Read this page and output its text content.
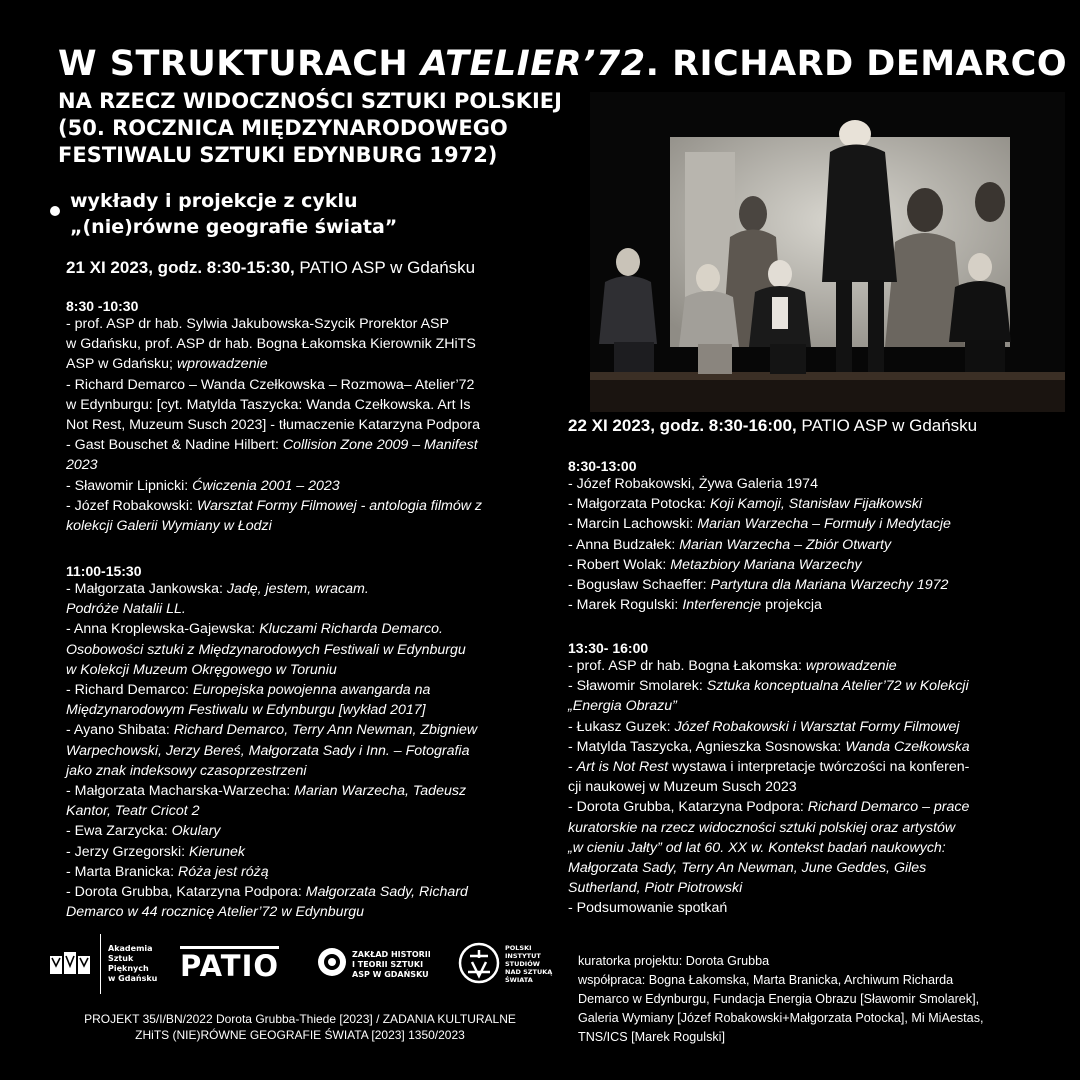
W STRUKTURACH ATELIER’72. RICHARD DEMARCO
NA RZECZ WIDOCZNOŚCI SZTUKI POLSKIEJ
(50. ROCZNICA MIĘDZYNARODOWEGO
FESTIWALU SZTUKI EDYNBURG 1972)
wykłady i projekcje z cyklu
„(nie)równe geografie świata”
21 XI 2023, godz. 8:30-15:30, PATIO ASP w Gdańsku
8:30 -10:30
- prof. ASP dr hab. Sylwia Jakubowska-Szycik Prorektor ASP
w Gdańsku, prof. ASP dr hab. Bogna Łakomska Kierownik ZHiTS
ASP w Gdańsku; wprowadzenie
- Richard Demarco – Wanda Czełkowska – Rozmowa– Atelier’72
w Edynburgu: [cyt. Matylda Taszycka: Wanda Czełkowska. Art Is
Not Rest, Muzeum Susch 2023] - tłumaczenie Katarzyna Podpora
- Gast Bouschet & Nadine Hilbert: Collision Zone 2009 – Manifest
2023
- Sławomir Lipnicki: Ćwiczenia 2001 – 2023
- Józef Robakowski: Warsztat Formy Filmowej - antologia filmów z
kolekcji Galerii Wymiany w Łodzi
11:00-15:30
- Małgorzata Jankowska: Jadę, jestem, wracam.
Podróże Natalii LL.
- Anna Kroplewska-Gajewska: Kluczami Richarda Demarco.
Osobowości sztuki z Międzynarodowych Festiwali w Edynburgu
w Kolekcji Muzeum Okręgowego w Toruniu
- Richard Demarco: Europejska powojenna awangarda na
Międzynarodowym Festiwalu w Edynburgu [wykład 2017]
- Ayano Shibata: Richard Demarco, Terry Ann Newman, Zbigniew
Warpechowski, Jerzy Bereś, Małgorzata Sady i Inn. – Fotografia
jako znak indeksowy czasoprzestrzeni
- Małgorzata Macharska-Warzecha: Marian Warzecha, Tadeusz
Kantor, Teatr Cricot 2
- Ewa Zarzycka: Okulary
- Jerzy Grzegorski: Kierunek
- Marta Branicka: Róża jest różą
- Dorota Grubba, Katarzyna Podpora: Małgorzata Sady, Richard
Demarco w 44 rocznicę Atelier’72 w Edynburgu
22 XI 2023, godz. 8:30-16:00, PATIO ASP w Gdańsku
8:30-13:00
- Józef Robakowski, Żywa Galeria 1974
- Małgorzata Potocka: Koji Kamoji, Stanisław Fijałkowski
- Marcin Lachowski: Marian Warzecha – Formuły i Medytacje
- Anna Budzałek: Marian Warzecha – Zbiór Otwarty
- Robert Wolak: Metazbiory Mariana Warzechy
- Bogusław Schaeffer: Partytura dla Mariana Warzechy 1972
- Marek Rogulski: Interferencje projekcja
13:30- 16:00
- prof. ASP dr hab. Bogna Łakomska: wprowadzenie
- Sławomir Smolarek: Sztuka konceptualna Atelier’72 w Kolekcji
„Energia Obrazu”
- Łukasz Guzek: Józef Robakowski i Warsztat Formy Filmowej
- Matylda Taszycka, Agnieszka Sosnowska: Wanda Czełkowska
- Art is Not Rest wystawa i interpretacje twórczości na konferen-
cji naukowej w Muzeum Susch 2023
- Dorota Grubba, Katarzyna Podpora: Richard Demarco – prace
kuratorskie na rzecz widoczności sztuki polskiej oraz artystów
„w cieniu Jałty” od lat 60. XX w. Kontekst badań naukowych:
Małgorzata Sady, Terry An Newman, June Geddes, Giles
Sutherland, Piotr Piotrowski
- Podsumowanie spotkań
Akademia
Sztuk
Pięknych
w Gdańsku PATIO	ZAKŁAD HISTORII
I TEORII SZTUKI
ASP W GDAŃSKU
POLSKI
INSTYTUT
STUDIÓW
NAD SZTUKĄ
ŚWIATA
PROJEKT 35/I/BN/2022 Dorota Grubba-Thiede [2023] / ZADANIA KULTURALNE
ZHiTS (NIE)RÓWNE GEOGRAFIE ŚWIATA [2023] 1350/2023
kuratorka projektu: Dorota Grubba
współpraca: Bogna Łakomska, Marta Branicka, Archiwum Richarda
Demarco w Edynburgu, Fundacja Energia Obrazu [Sławomir Smolarek],
Galeria Wymiany [Józef Robakowski+Małgorzata Potocka], Mi MiAestas,
TNS/ICS [Marek Rogulski]
